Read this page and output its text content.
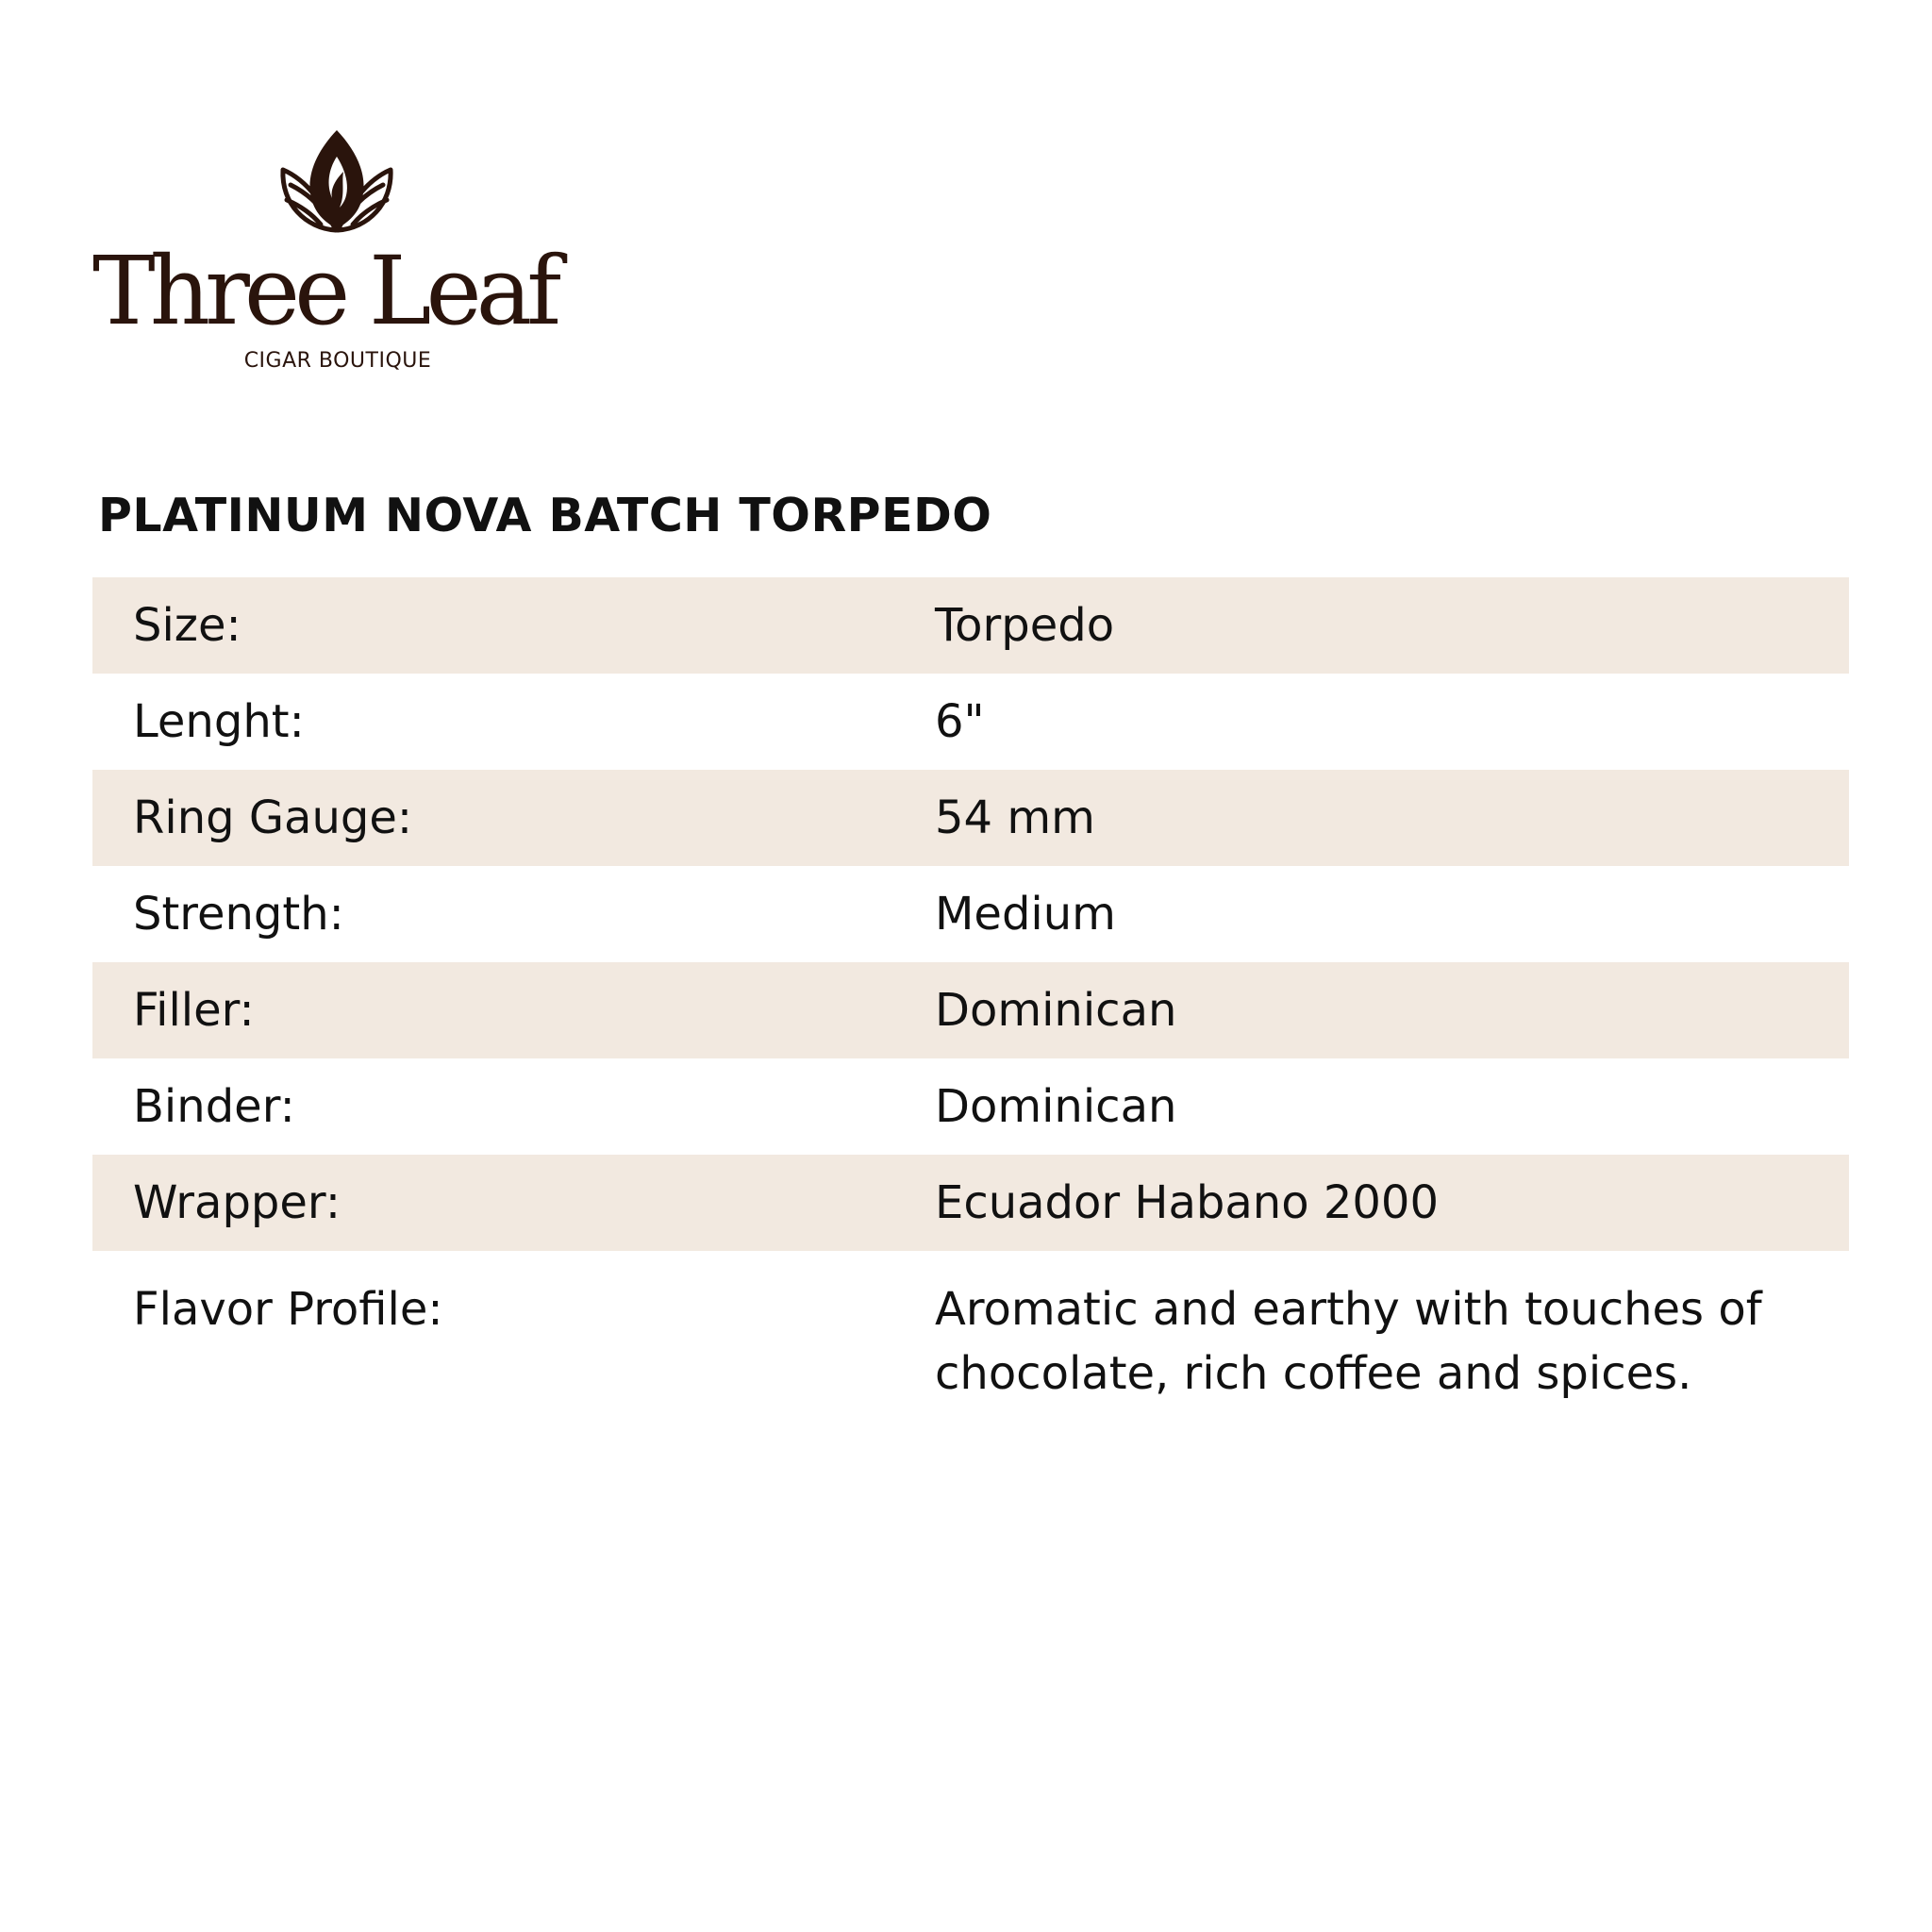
Three Leaf
CIGAR BOUTIQUE
PLATINUM NOVA BATCH TORPEDO
Size:	Torpedo
Lenght:	6"
Ring Gauge:	54 mm
Strength:	Medium
Filler:	Dominican
Binder:	Dominican
Wrapper:	Ecuador Habano 2000
Flavor Profile:	Aromatic and earthy with touches of chocolate, rich coffee and spices.
